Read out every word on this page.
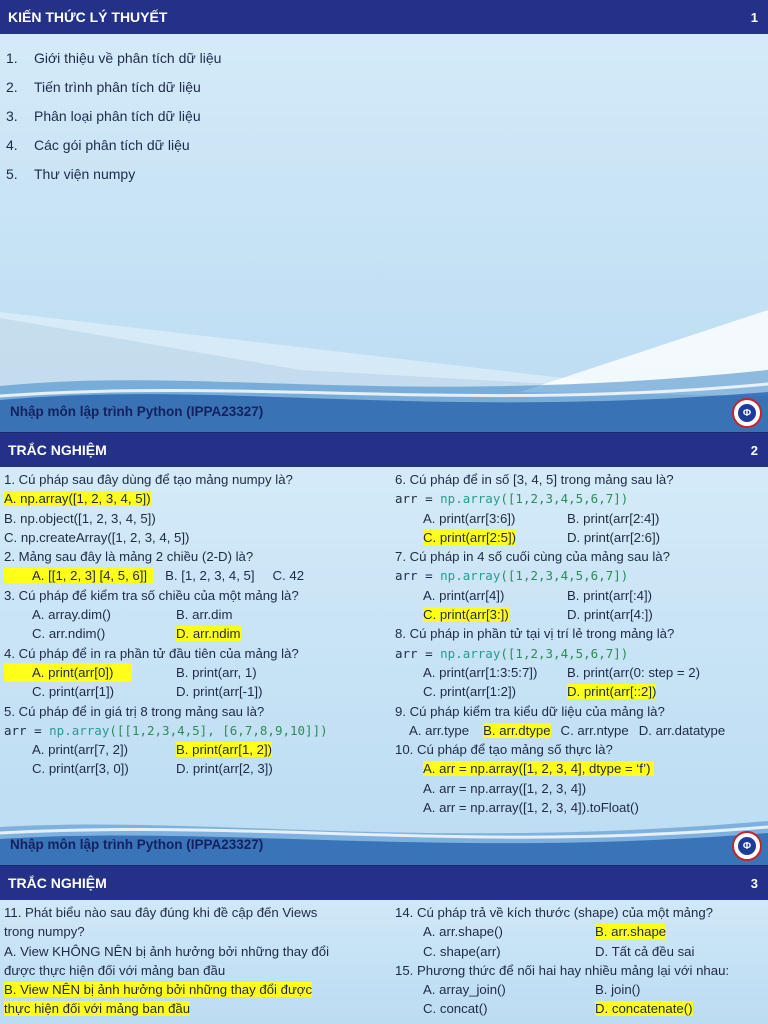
KIẾN THỨC LÝ THUYẾT	1
1.	Giới thiệu về phân tích dữ liệu
2.	Tiến trình phân tích dữ liệu
3.	Phân loại phân tích dữ liệu
4.	Các gói phân tích dữ liệu
5.	Thư viện numpy
Nhập môn lập trình Python (IPPA23327)	Φ
TRẮC NGHIỆM	2
1. Cú pháp sau đây dùng để tạo mảng numpy là?
A. np.array([1, 2, 3, 4, 5])
B. np.object([1, 2, 3, 4, 5])
C. np.createArray([1, 2, 3, 4, 5])
2. Mảng sau đây là mảng 2 chiều (2-D) là?
A. [[1, 2, 3] [4, 5, 6]] B. [1, 2, 3, 4, 5] C. 42
3. Cú pháp để kiểm tra số chiều của một mảng là?
A. array.dim()	B. arr.dim
C. arr.ndim()	D. arr.ndim
4. Cú pháp để in ra phần tử đầu tiên của mảng là?
A. print(arr[0])	B. print(arr, 1)
C. print(arr[1])	D. print(arr[-1])
5. Cú pháp để in giá trị 8 trong mảng sau là?
arr = np.array([[1,2,3,4,5], [6,7,8,9,10]])
A. print(arr[7, 2])	B. print(arr[1, 2])
C. print(arr[3, 0])	D. print(arr[2, 3])
6. Cú pháp để in số [3, 4, 5] trong mảng sau là?
arr = np.array([1,2,3,4,5,6,7])
A. print(arr[3:6])	B. print(arr[2:4])
C. print(arr[2:5])	D. print(arr[2:6])
7. Cú pháp in 4 số cuối cùng của mảng sau là?
arr = np.array([1,2,3,4,5,6,7])
A. print(arr[4])	B. print(arr[:4])
C. print(arr[3:])	D. print(arr[4:])
8. Cú pháp in phần tử tại vị trí lẻ trong mảng là?
arr = np.array([1,2,3,4,5,6,7])
A. print(arr[1:3:5:7]) B. print(arr(0: step = 2)
C. print(arr[1:2])	D. print(arr[::2])
9. Cú pháp kiểm tra kiểu dữ liệu của mảng là?
A. arr.type B. arr.dtype C. arr.ntype D. arr.datatype
10. Cú pháp để tạo mảng số thực là?
A. arr = np.array([1, 2, 3, 4], dtype = ‘f’)
A. arr = np.array([1, 2, 3, 4])
A. arr = np.array([1, 2, 3, 4]).toFloat()
Nhập môn lập trình Python (IPPA23327)	Φ
TRẮC NGHIỆM	3
11. Phát biểu nào sau đây đúng khi đề cập đến Views
trong numpy?
A. View KHÔNG NÊN bị ảnh hưởng bởi những thay đổi
được thực hiện đối với mảng ban đầu
B. View NÊN bị ảnh hưởng bởi những thay đổi được
thực hiện đối với mảng ban đầu
14. Cú pháp trả về kích thước (shape) của một mảng?
A. arr.shape()	B. arr.shape
C. shape(arr)	D. Tất cả đều sai
15. Phương thức để nối hai hay nhiều mảng lại với nhau:
A. array_join()	B. join()
C. concat()	D. concatenate()
